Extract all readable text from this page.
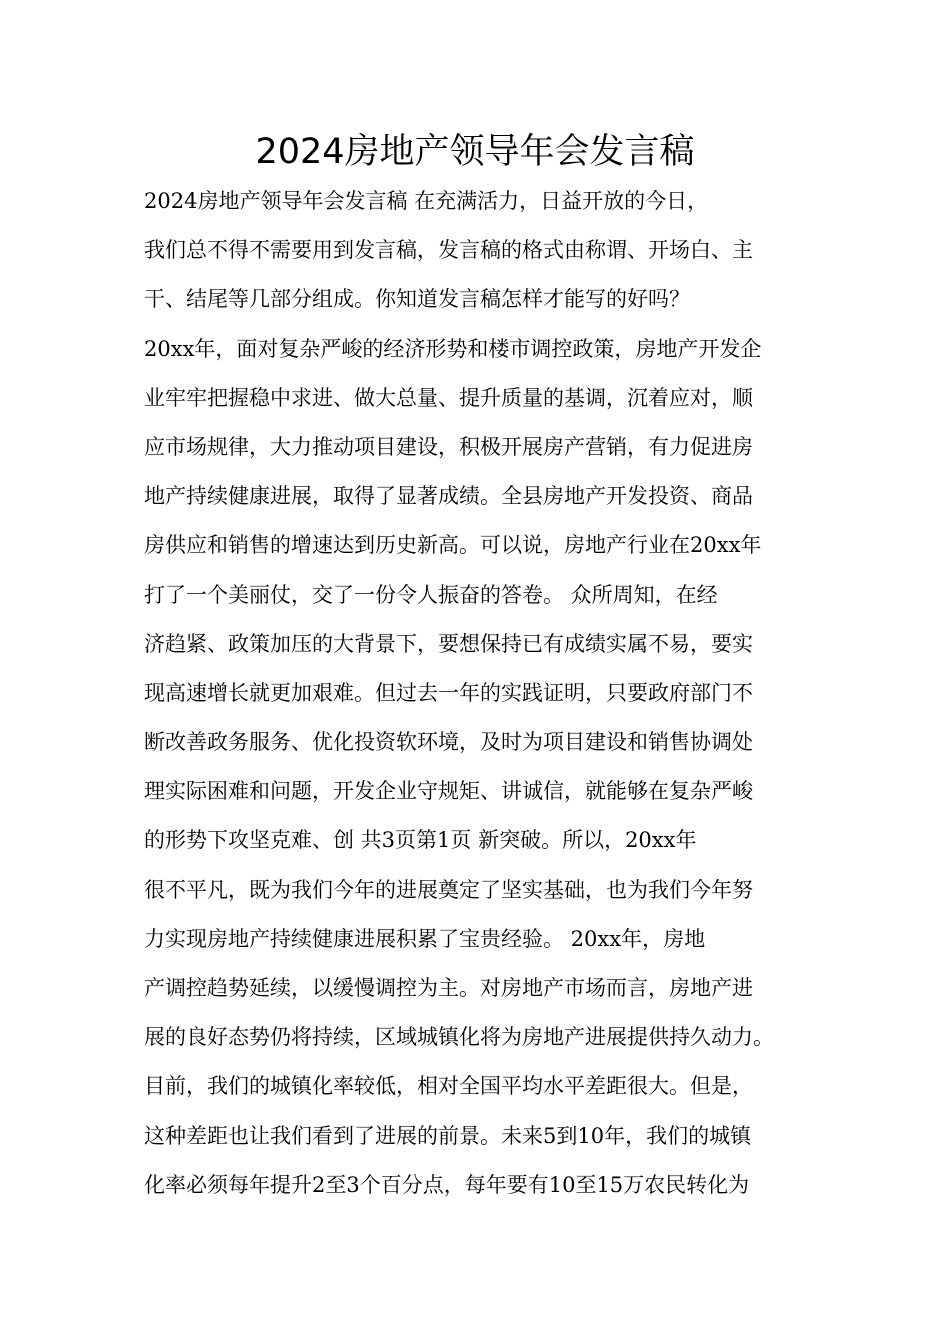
2024房地产领导年会发言稿
2024房地产领导年会发言稿 在充满活力，日益开放的今日，
我们总不得不需要用到发言稿，发言稿的格式由称谓、开场白、主
干、结尾等几部分组成。你知道发言稿怎样才能写的好吗？
20xx年，面对复杂严峻的经济形势和楼市调控政策，房地产开发企
业牢牢把握稳中求进、做大总量、提升质量的基调，沉着应对，顺
应市场规律，大力推动项目建设，积极开展房产营销，有力促进房
地产持续健康进展，取得了显著成绩。全县房地产开发投资、商品
房供应和销售的增速达到历史新高。可以说，房地产行业在20xx年
打了一个美丽仗，交了一份令人振奋的答卷。 众所周知，在经
济趋紧、政策加压的大背景下，要想保持已有成绩实属不易，要实
现高速增长就更加艰难。但过去一年的实践证明，只要政府部门不
断改善政务服务、优化投资软环境，及时为项目建设和销售协调处
理实际困难和问题，开发企业守规矩、讲诚信，就能够在复杂严峻
的形势下攻坚克难、创 共3页第1页 新突破。所以，20xx年
很不平凡，既为我们今年的进展奠定了坚实基础，也为我们今年努
力实现房地产持续健康进展积累了宝贵经验。 20xx年，房地
产调控趋势延续，以缓慢调控为主。对房地产市场而言，房地产进
展的良好态势仍将持续，区域城镇化将为房地产进展提供持久动力。
目前，我们的城镇化率较低，相对全国平均水平差距很大。但是，
这种差距也让我们看到了进展的前景。未来5到10年，我们的城镇
化率必须每年提升2至3个百分点，每年要有10至15万农民转化为
